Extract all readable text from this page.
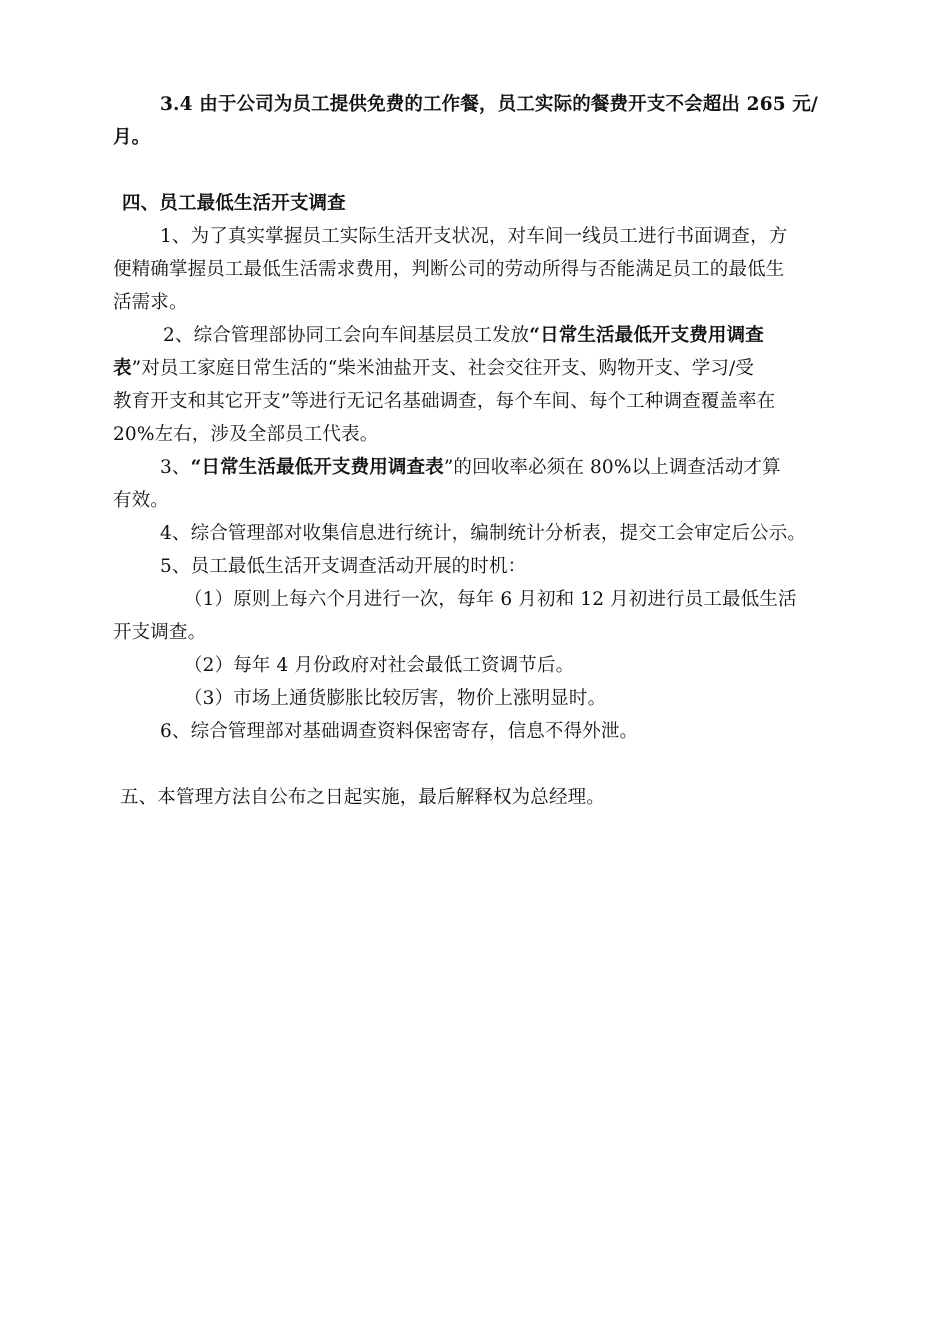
3.4 由于公司为员工提供免费的工作餐，员工实际的餐费开支不会超出 265 元/
月。
四、员工最低生活开支调查
1、为了真实掌握员工实际生活开支状况，对车间一线员工进行书面调查，方
便精确掌握员工最低生活需求费用，判断公司的劳动所得与否能满足员工的最低生
活需求。
2、综合管理部协同工会向车间基层员工发放“日常生活最低开支费用调查
表”对员工家庭日常生活的“柴米油盐开支、社会交往开支、购物开支、学习/受
教育开支和其它开支”等进行无记名基础调查，每个车间、每个工种调查覆盖率在
20%左右，涉及全部员工代表。
3、“日常生活最低开支费用调查表”的回收率必须在 80%以上调查活动才算
有效。
4、综合管理部对收集信息进行统计，编制统计分析表，提交工会审定后公示。
5、员工最低生活开支调查活动开展的时机：
（1）原则上每六个月进行一次，每年 6 月初和 12 月初进行员工最低生活
开支调查。
（2）每年 4 月份政府对社会最低工资调节后。
（3）市场上通货膨胀比较厉害，物价上涨明显时。
6、综合管理部对基础调查资料保密寄存，信息不得外泄。
五、本管理方法自公布之日起实施，最后解释权为总经理。
